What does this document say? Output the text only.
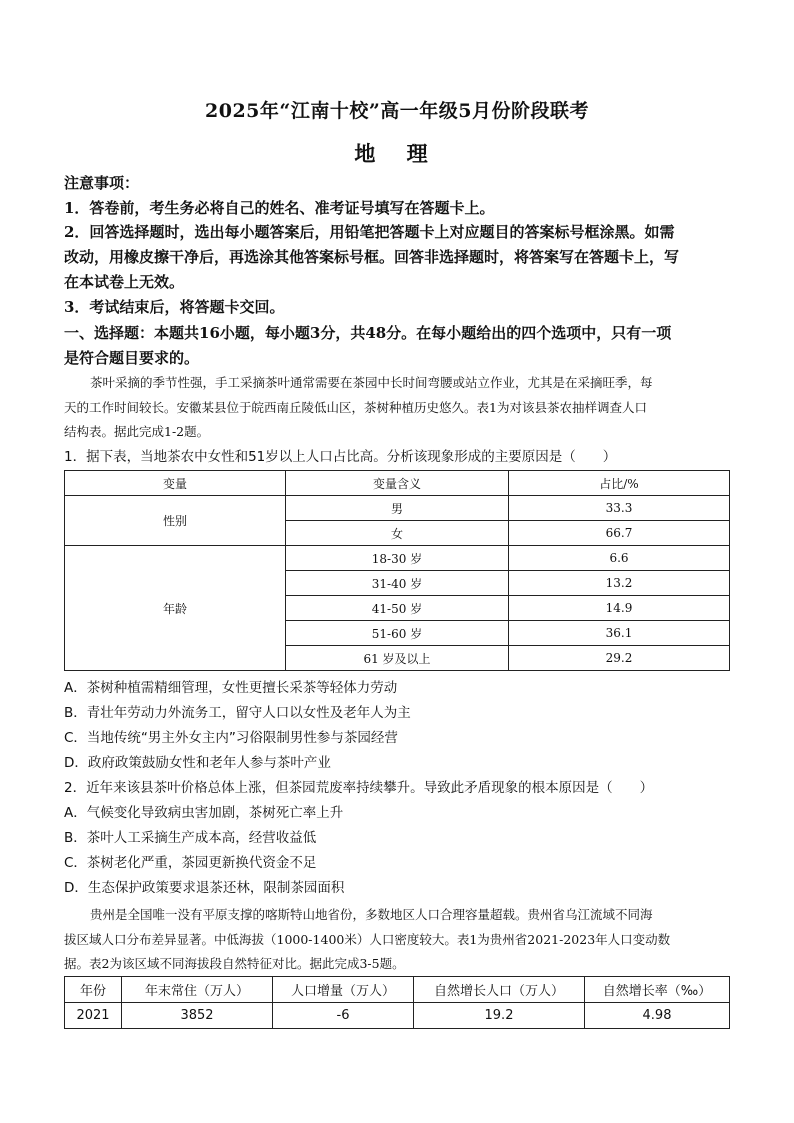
2025年“江南十校”高一年级5月份阶段联考
地 理
注意事项：
1．答卷前，考生务必将自己的姓名、准考证号填写在答题卡上。
2．回答选择题时，选出每小题答案后，用铅笔把答题卡上对应题目的答案标号框涂黑。如需
改动，用橡皮擦干净后，再选涂其他答案标号框。回答非选择题时，将答案写在答题卡上，写
在本试卷上无效。
3．考试结束后，将答题卡交回。
一、选择题：本题共16小题，每小题3分，共48分。在每小题给出的四个选项中，只有一项
是符合题目要求的。
茶叶采摘的季节性强，手工采摘茶叶通常需要在茶园中长时间弯腰或站立作业，尤其是在采摘旺季，每
天的工作时间较长。安徽某县位于皖西南丘陵低山区，茶树种植历史悠久。表1为对该县茶农抽样调查人口
结构表。据此完成1-2题。
1．据下表，当地茶农中女性和51岁以上人口占比高。分析该现象形成的主要原因是（　　）
变量	变量含义	占比/%
性别	男	33.3
	女	66.7
年龄	18-30 岁	6.6
	31-40 岁	13.2
	41-50 岁	14.9
	51-60 岁	36.1
	61 岁及以上	29.2
A．茶树种植需精细管理，女性更擅长采茶等轻体力劳动
B．青壮年劳动力外流务工，留守人口以女性及老年人为主
C．当地传统“男主外女主内”习俗限制男性参与茶园经营
D．政府政策鼓励女性和老年人参与茶叶产业
2．近年来该县茶叶价格总体上涨，但茶园荒废率持续攀升。导致此矛盾现象的根本原因是（　　）
A．气候变化导致病虫害加剧，茶树死亡率上升
B．茶叶人工采摘生产成本高，经营收益低
C．茶树老化严重，茶园更新换代资金不足
D．生态保护政策要求退茶还林，限制茶园面积
贵州是全国唯一没有平原支撑的喀斯特山地省份，多数地区人口合理容量超载。贵州省乌江流域不同海
拔区域人口分布差异显著。中低海拔（1000-1400米）人口密度较大。表1为贵州省2021-2023年人口变动数
据。表2为该区域不同海拔段自然特征对比。据此完成3-5题。
年份	年末常住（万人）	人口增量（万人）	自然增长人口（万人）	自然增长率（‰）
2021	3852	-6	19.2	4.98
